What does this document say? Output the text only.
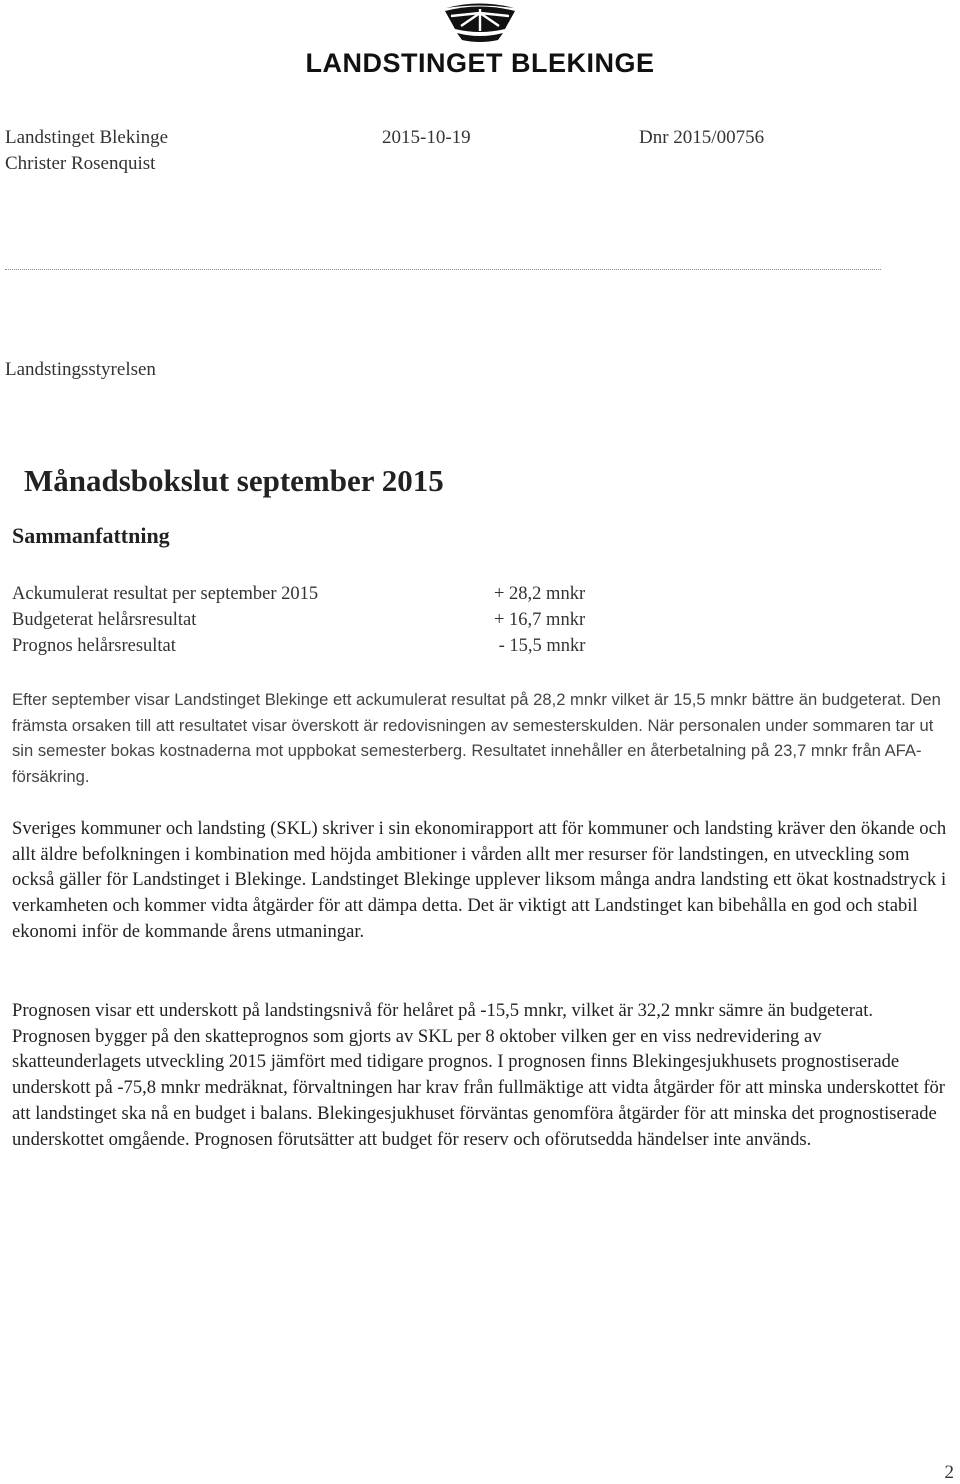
LANDSTINGET BLEKINGE
Landstinget Blekinge
Christer Rosenquist
2015-10-19	Dnr 2015/00756
Landstingsstyrelsen
Månadsbokslut september 2015
Sammanfattning
Ackumulerat resultat per september 2015	+ 28,2 mnkr
Budgeterat helårsresultat	+ 16,7 mnkr
Prognos helårsresultat	- 15,5 mnkr

Efter september visar Landstinget Blekinge ett ackumulerat resultat på 28,2 mnkr vilket är 15,5 mnkr bättre än budgeterat. Den främsta orsaken till att resultatet visar överskott är redovisningen av semesterskulden. När personalen under sommaren tar ut sin semester bokas kostnaderna mot uppbokat semesterberg. Resultatet innehåller en återbetalning på 23,7 mnkr från AFA-försäkring.

Sveriges kommuner och landsting (SKL) skriver i sin ekonomirapport att för kommuner och landsting kräver den ökande och allt äldre befolkningen i kombination med höjda ambitioner i vården allt mer resurser för landstingen, en utveckling som också gäller för Landstinget i Blekinge. Landstinget Blekinge upplever liksom många andra landsting ett ökat kostnadstryck i verkamheten och kommer vidta åtgärder för att dämpa detta. Det är viktigt att Landstinget kan bibehålla en god och stabil ekonomi inför de kommande årens utmaningar.

Prognosen visar ett underskott på landstingsnivå för helåret på -15,5 mnkr, vilket är 32,2 mnkr sämre än budgeterat. Prognosen bygger på den skatteprognos som gjorts av SKL per 8 oktober vilken ger en viss nedrevidering av skatteunderlagets utveckling 2015 jämfört med tidigare prognos. I prognosen finns Blekingesjukhusets prognostiserade underskott på -75,8 mnkr medräknat, förvaltningen har krav från fullmäktige att vidta åtgärder för att minska underskottet för att landstinget ska nå en budget i balans. Blekingesjukhuset förväntas genomföra åtgärder för att minska det prognostiserade underskottet omgående. Prognosen förutsätter att budget för reserv och oförutsedda händelser inte används.

2
